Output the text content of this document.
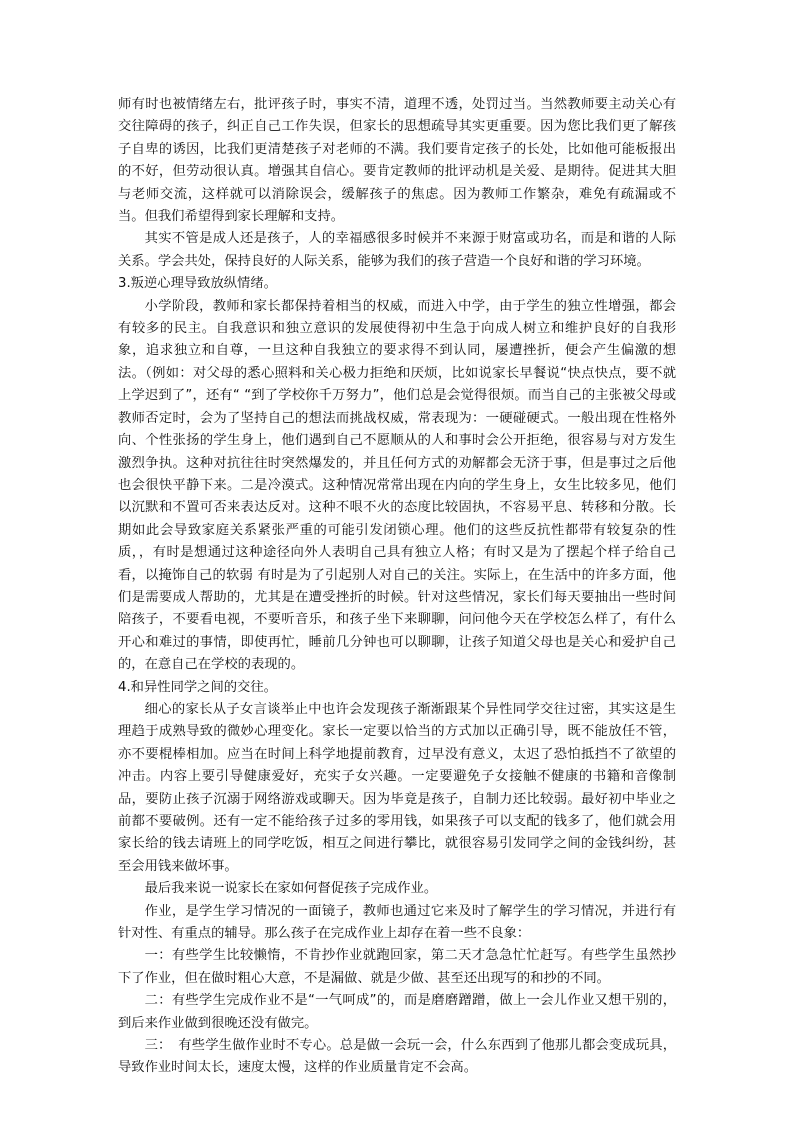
师有时也被情绪左右，批评孩子时，事实不清，道理不透，处罚过当。当然教师要主动关心有交往障碍的孩子，纠正自己工作失误，但家长的思想疏导其实更重要。因为您比我们更了解孩子自卑的诱因，比我们更清楚孩子对老师的不满。我们要肯定孩子的长处，比如他可能板报出的不好，但劳动很认真。增强其自信心。要肯定教师的批评动机是关爱、是期待。促进其大胆与老师交流，这样就可以消除误会，缓解孩子的焦虑。因为教师工作繁杂，难免有疏漏或不当。但我们希望得到家长理解和支持。

其实不管是成人还是孩子，人的幸福感很多时候并不来源于财富或功名，而是和谐的人际关系。学会共处，保持良好的人际关系，能够为我们的孩子营造一个良好和谐的学习环境。

3.叛逆心理导致放纵情绪。

小学阶段，教师和家长都保持着相当的权威，而进入中学，由于学生的独立性增强，都会有较多的民主。自我意识和独立意识的发展使得初中生急于向成人树立和维护良好的自我形象，追求独立和自尊，一旦这种自我独立的要求得不到认同，屡遭挫折，便会产生偏激的想法。（例如：对父母的悉心照料和关心极力拒绝和厌烦，比如说家长早餐说“快点快点，要不就上学迟到了”，还有“ “到了学校你千万努力”，他们总是会觉得很烦。而当自己的主张被父母或教师否定时，会为了坚持自己的想法而挑战权威，常表现为：一硬碰硬式。一般出现在性格外向、个性张扬的学生身上，他们遇到自己不愿顺从的人和事时会公开拒绝，很容易与对方发生激烈争执。这种对抗往往时突然爆发的，并且任何方式的劝解都会无济于事，但是事过之后他也会很快平静下来。二是冷漠式。这种情况常常出现在内向的学生身上，女生比较多见，他们以沉默和不置可否来表达反对。这种不哏不火的态度比较固执，不容易平息、转移和分散。长期如此会导致家庭关系紧张严重的可能引发闭锁心理。他们的这些反抗性都带有较复杂的性质，，有时是想通过这种途径向外人表明自己具有独立人格；有时又是为了摆起个样子给自己看，以掩饰自己的软弱 有时是为了引起别人对自己的关注。实际上，在生活中的许多方面，他们是需要成人帮助的，尤其是在遭受挫折的时候。针对这些情况，家长们每天要抽出一些时间陪孩子，不要看电视，不要听音乐，和孩子坐下来聊聊，问问他今天在学校怎么样了，有什么开心和难过的事情，即使再忙，睡前几分钟也可以聊聊，让孩子知道父母也是关心和爱护自己的，在意自己在学校的表现的。

4.和异性同学之间的交往。

细心的家长从子女言谈举止中也许会发现孩子渐渐跟某个异性同学交往过密，其实这是生理趋于成熟导致的微妙心理变化。家长一定要以恰当的方式加以正确引导，既不能放任不管，亦不要棍棒相加。应当在时间上科学地提前教育，过早没有意义，太迟了恐怕抵挡不了欲望的冲击。内容上要引导健康爱好，充实子女兴趣。一定要避免子女接触不健康的书籍和音像制品，要防止孩子沉溺于网络游戏或聊天。因为毕竟是孩子，自制力还比较弱。最好初中毕业之前都不要破例。还有一定不能给孩子过多的零用钱，如果孩子可以支配的钱多了，他们就会用家长给的钱去请班上的同学吃饭，相互之间进行攀比，就很容易引发同学之间的金钱纠纷，甚至会用钱来做坏事。

最后我来说一说家长在家如何督促孩子完成作业。

作业，是学生学习情况的一面镜子，教师也通过它来及时了解学生的学习情况，并进行有针对性、有重点的辅导。那么孩子在完成作业上却存在着一些不良象：

一：有些学生比较懒惰，不肯抄作业就跑回家，第二天才急急忙忙赶写。有些学生虽然抄下了作业，但在做时粗心大意，不是漏做、就是少做、甚至还出现写的和抄的不同。

二：有些学生完成作业不是“一气呵成”的，而是磨磨蹭蹭，做上一会儿作业又想干别的，到后来作业做到很晚还没有做完。

三：　有些学生做作业时不专心。总是做一会玩一会，什么东西到了他那儿都会变成玩具，导致作业时间太长，速度太慢，这样的作业质量肯定不会高。
